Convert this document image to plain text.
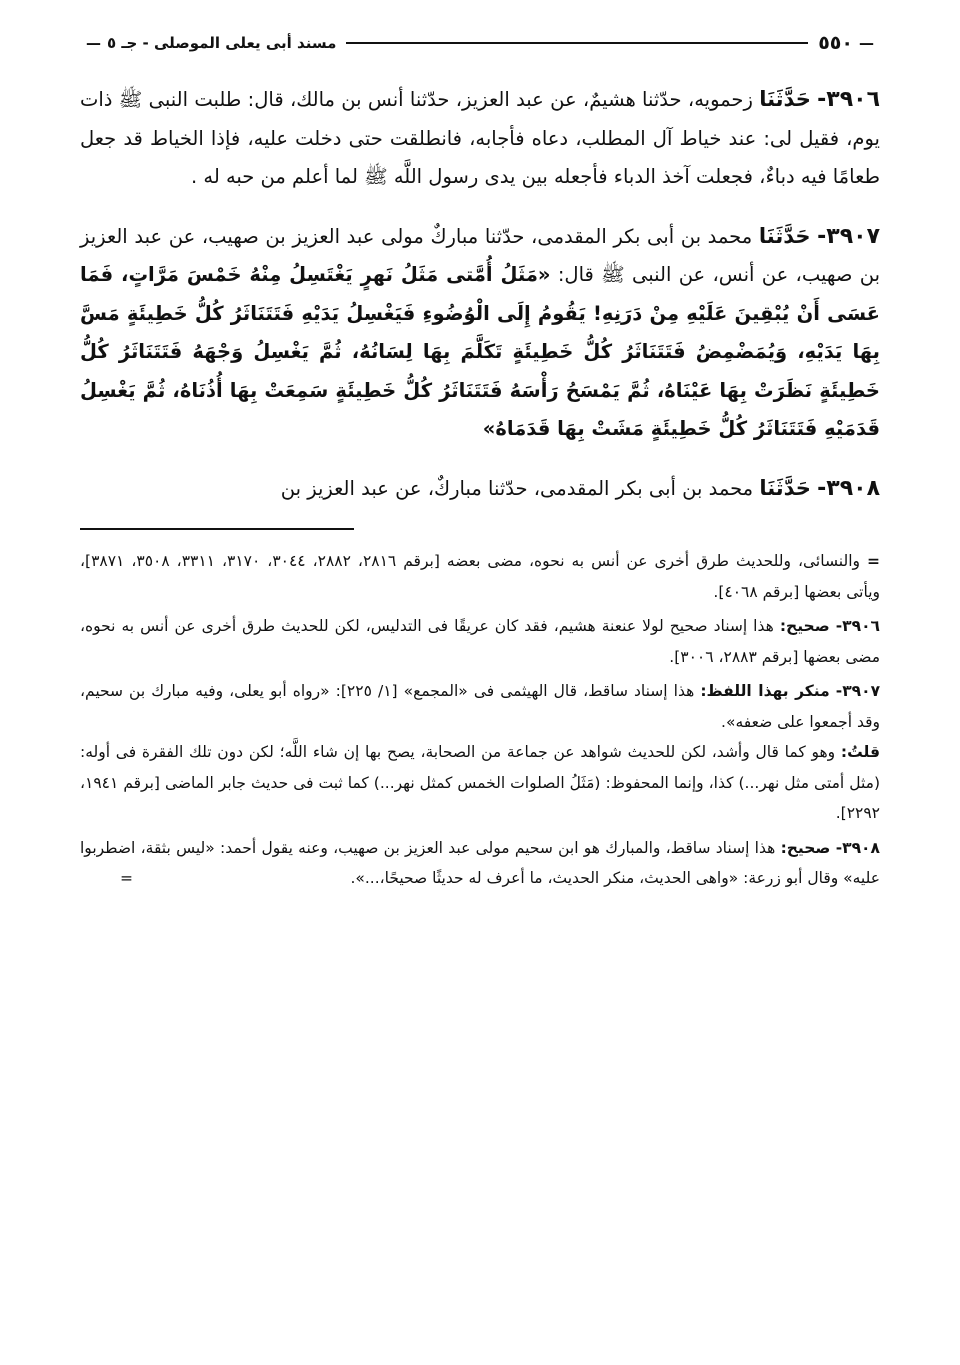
—
٥٥٠
مسند أبى يعلى الموصلى - جـ ٥
—

٣٩٠٦- حَدَّثَنَا زحمويه، حدّثنا هشيمٌ، عن عبد العزيز، حدّثنا أنس بن مالك، قال: طلبت النبى ﷺ ذات يوم، فقيل لى: عند خياط آل المطلب، دعاه فأجابه، فانطلقت حتى دخلت عليه، فإذا الخياط قد جعل طعامًا فيه دباءٌ، فجعلت آخذ الدباء فأجعله بين يدى رسول اللَّه ﷺ لما أعلم من حبه له .

٣٩٠٧- حَدَّثَنَا محمد بن أبى بكر المقدمى، حدّثنا مباركٌ مولى عبد العزيز بن صهيب، عن عبد العزيز بن صهيب، عن أنس، عن النبى ﷺ قال: «مَثَلُ أُمَّتى مَثَلُ نَهرٍ يَغْتَسِلُ مِنْهُ خَمْسَ مَرَّاتٍ، فَمَا عَسَى أَنْ يُبْقِينَ عَلَيْهِ مِنْ دَرَنِهِ! يَقُومُ إِلَى الْوُضُوءِ فَيَغْسِلُ يَدَيْهِ فَتَتَنَاثَرُ كُلُّ خَطِيئَةٍ مَسَّ بِهَا يَدَيْهِ، وَيُمَضْمِضُ فَتَتَنَاثَرُ كُلُّ خَطِيئَةٍ تَكَلَّمَ بِهَا لِسَانُهُ، ثُمَّ يَغْسِلُ وَجْهَهُ فَتَتَنَاثَرُ كُلُّ خَطِيئَةٍ نَظَرَتْ بِهَا عَيْنَاهُ، ثُمَّ يَمْسَحُ رَأْسَهُ فَتَتَنَاثَرُ كُلُّ خَطِيئَةٍ سَمِعَتْ بِهَا أُذُنَاهُ، ثُمَّ يَغْسِلُ قَدَمَيْهِ فَتَتَنَاثَرُ كُلُّ خَطِيئَةٍ مَشَتْ بِهَا قَدَمَاهُ»

٣٩٠٨- حَدَّثَنَا محمد بن أبى بكر المقدمى، حدّثنا مباركٌ، عن عبد العزيز بن

= والنسائى، وللحديث طرق أخرى عن أنس به نحوه، مضى بعضه [برقم ٢٨١٦، ٢٨٨٢، ٣٠٤٤، ٣١٧٠، ٣٣١١، ٣٥٠٨، ٣٨٧١]، ويأتى بعضها [برقم ٤٠٦٨].

٣٩٠٦- صحيح: هذا إسناد صحيح لولا عنعنة هشيم، فقد كان عريقًا فى التدليس، لكن للحديث طرق أخرى عن أنس به نحوه، مضى بعضها [برقم ٢٨٨٣، ٣٠٠٦].

٣٩٠٧- منكر بهذا اللفظ: هذا إسناد ساقط، قال الهيثمى فى «المجمع» [١/ ٢٢٥]: «رواه أبو يعلى، وفيه مبارك بن سحيم، وقد أجمعوا على ضعفه».
قلتُ: وهو كما قال وأشد، لكن للحديث شواهد عن جماعة من الصحابة، يصح بها إن شاء اللَّه؛ لكن دون تلك الفقرة فى أوله: (مثل أمتى مثل نهر...) كذا، وإنما المحفوظ: (مَثَلُ الصلوات الخمس كمثل نهر...) كما ثبت فى حديث جابر الماضى [برقم ١٩٤١، ٢٢٩٢].

٣٩٠٨- صحيح: هذا إسناد ساقط، والمبارك هو ابن سحيم مولى عبد العزيز بن صهيب، وعنه يقول أحمد: «ليس بثقة، اضطربوا عليه» وقال أبو زرعة: «واهى الحديث، منكر الحديث، ما أعرف له حديثًا صحيحًا،...».
=
